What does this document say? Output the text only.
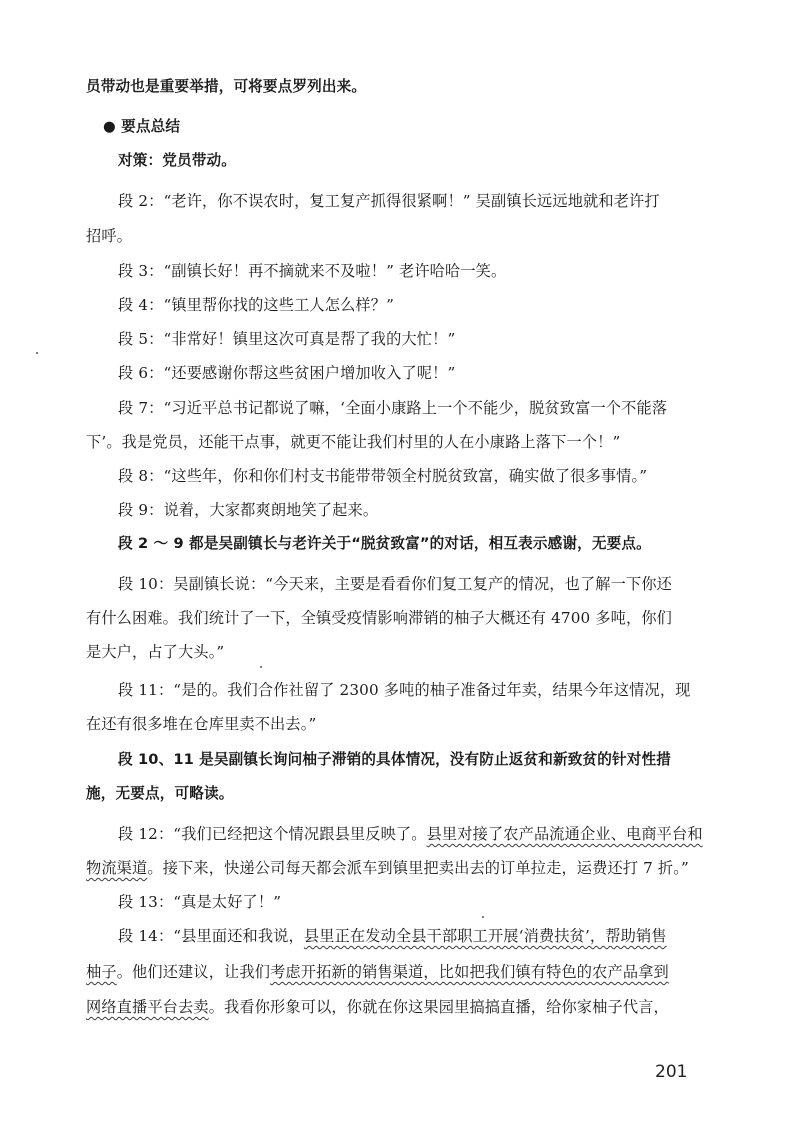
员带动也是重要举措，可将要点罗列出来。
● 要点总结
对策：党员带动。
段 2：“老许，你不误农时，复工复产抓得很紧啊！” 吴副镇长远远地就和老许打
招呼。
段 3：“副镇长好！再不摘就来不及啦！” 老许哈哈一笑。
段 4：“镇里帮你找的这些工人怎么样？”
段 5：“非常好！镇里这次可真是帮了我的大忙！”
段 6：“还要感谢你帮这些贫困户增加收入了呢！”
段 7：“习近平总书记都说了嘛，‘全面小康路上一个不能少，脱贫致富一个不能落
下’。我是党员，还能干点事，就更不能让我们村里的人在小康路上落下一个！”
段 8：“这些年，你和你们村支书能带带领全村脱贫致富，确实做了很多事情。”
段 9：说着，大家都爽朗地笑了起来。
段 2 ～ 9 都是吴副镇长与老许关于“脱贫致富”的对话，相互表示感谢，无要点。
段 10：吴副镇长说：“今天来，主要是看看你们复工复产的情况，也了解一下你还
有什么困难。我们统计了一下，全镇受疫情影响滞销的柚子大概还有 4700 多吨，你们
是大户，占了大头。”
段 11：“是的。我们合作社留了 2300 多吨的柚子准备过年卖，结果今年这情况，现
在还有很多堆在仓库里卖不出去。”
段 10、11 是吴副镇长询问柚子滞销的具体情况，没有防止返贫和新致贫的针对性措
施，无要点，可略读。
段 12：“我们已经把这个情况跟县里反映了。县里对接了农产品流通企业、电商平台和
物流渠道。接下来，快递公司每天都会派车到镇里把卖出去的订单拉走，运费还打 7 折。”
段 13：“真是太好了！”
段 14：“县里面还和我说，县里正在发动全县干部职工开展‘消费扶贫’，帮助销售
柚子。他们还建议，让我们考虑开拓新的销售渠道，比如把我们镇有特色的农产品拿到
网络直播平台去卖。我看你形象可以，你就在你这果园里搞搞直播，给你家柚子代言，
201
